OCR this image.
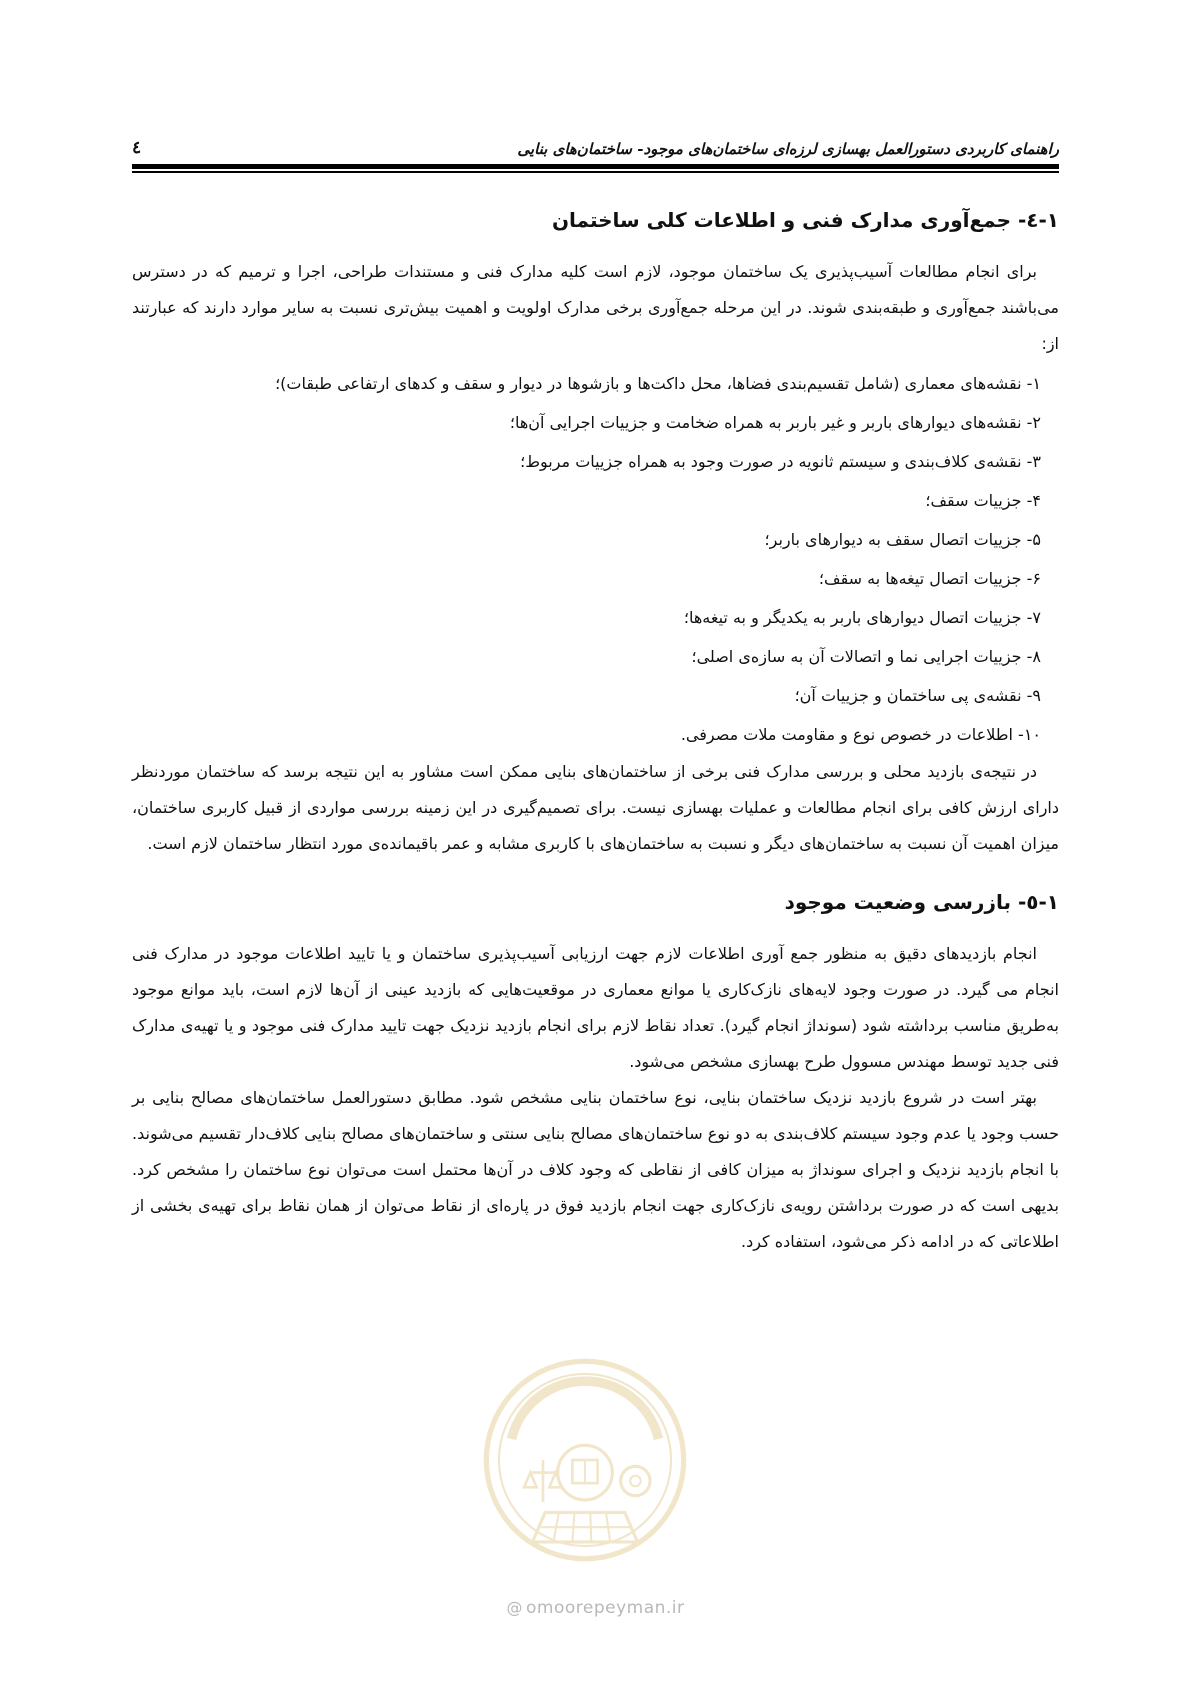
راهنمای کاربردی دستورالعمل بهسازی لرزه‌ای ساختمان‌های موجود- ساختمان‌های بنایی
٤
١-٤- جمع‌آوری مدارک فنی و اطلاعات کلی ساختمان

برای انجام مطالعات آسیب‌پذیری یک ساختمان موجود، لازم است کلیه مدارک فنی و مستندات طراحی، اجرا و ترمیم که در دسترس می‌باشند جمع‌آوری و طبقه‌بندی شوند. در این مرحله جمع‌آوری برخی مدارک اولویت و اهمیت بیش‌تری نسبت به سایر موارد دارند که عبارتند از:

١- نقشه‌های معماری (شامل تقسیم‌بندی فضاها، محل داکت‌ها و بازشوها در دیوار و سقف و کدهای ارتفاعی طبقات)؛
٢- نقشه‌های دیوارهای باربر و غیر باربر به همراه ضخامت و جزییات اجرایی آن‌ها؛
٣- نقشه‌ی کلاف‌بندی و سیستم ثانویه در صورت وجود به همراه جزییات مربوط؛
۴- جزییات سقف؛
۵- جزییات اتصال سقف به دیوارهای باربر؛
۶- جزییات اتصال تیغه‌ها به سقف؛
۷- جزییات اتصال دیوارهای باربر به یکدیگر و به تیغه‌ها؛
٨- جزییات اجرایی نما و اتصالات آن به سازه‌ی اصلی؛
٩- نقشه‌ی پی ساختمان و جزییات آن؛
١٠- اطلاعات در خصوص نوع و مقاومت ملات مصرفی.

در نتیجه‌ی بازدید محلی و بررسی مدارک فنی برخی از ساختمان‌های بنایی ممکن است مشاور به این نتیجه برسد که ساختمان موردنظر دارای ارزش کافی برای انجام مطالعات و عملیات بهسازی نیست. برای تصمیم‌گیری در این زمینه بررسی مواردی از قبیل کاربری ساختمان، میزان اهمیت آن نسبت به ساختمان‌های دیگر و نسبت به ساختمان‌های با کاربری مشابه و عمر باقیمانده‌ی مورد انتظار ساختمان لازم است.

١-٥- بازرسی وضعیت موجود

انجام بازدیدهای دقیق به منظور جمع آوری اطلاعات لازم جهت ارزیابی آسیب‌پذیری ساختمان و یا تایید اطلاعات موجود در مدارک فنی انجام می گیرد. در صورت وجود لایه‌های نازک‌کاری یا موانع معماری در موقعیت‌هایی که بازدید عینی از آن‌ها لازم است، باید موانع موجود به‌طریق مناسب برداشته شود (سونداژ انجام گیرد). تعداد نقاط لازم برای انجام بازدید نزدیک جهت تایید مدارک فنی موجود و یا تهیه‌ی مدارک فنی جدید توسط مهندس مسوول طرح بهسازی مشخص می‌شود.

بهتر است در شروع بازدید نزدیک ساختمان بنایی، نوع ساختمان بنایی مشخص شود. مطابق دستورالعمل ساختمان‌های مصالح بنایی بر حسب وجود یا عدم وجود سیستم کلاف‌بندی به دو نوع ساختمان‌های مصالح بنایی سنتی و ساختمان‌های مصالح بنایی کلاف‌دار تقسیم می‌شوند. با انجام بازدید نزدیک و اجرای سونداژ به میزان کافی از نقاطی که وجود کلاف در آن‌ها محتمل است می‌توان نوع ساختمان را مشخص کرد. بدیهی است که در صورت برداشتن رویه‌ی نازک‌کاری جهت انجام بازدید فوق در پاره‌ای از نقاط می‌توان از همان نقاط برای تهیه‌ی بخشی از اطلاعاتی که در ادامه ذکر می‌شود، استفاده کرد.

@ omoorepeyman.ir
